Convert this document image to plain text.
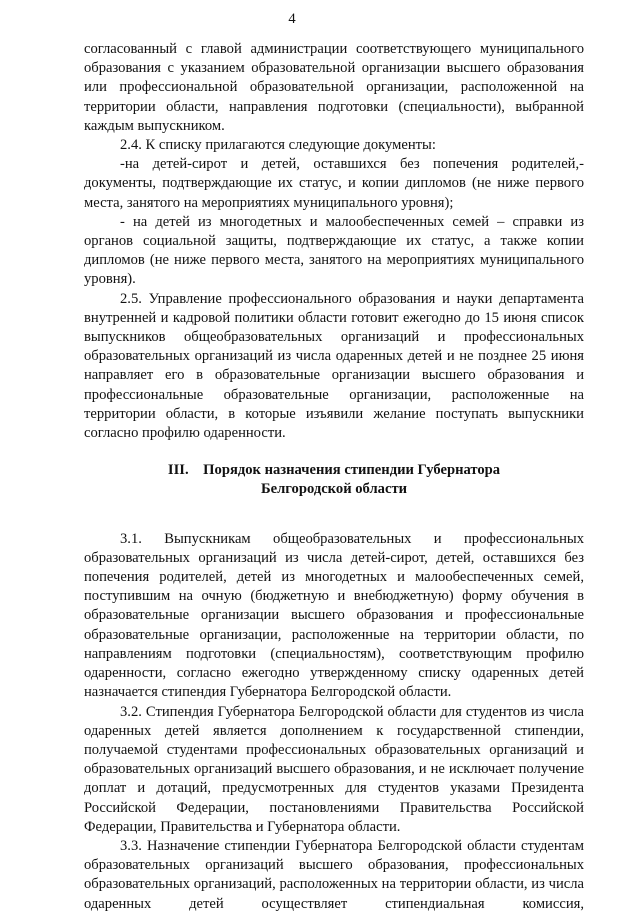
4

согласованный с главой администрации соответствующего муниципального образования с указанием образовательной организации высшего образования или профессиональной образовательной организации, расположенной на территории области, направления подготовки (специальности), выбранной каждым выпускником.

2.4. К списку прилагаются следующие документы:

-на детей-сирот и детей, оставшихся без попечения родителей,- документы, подтверждающие их статус, и копии дипломов (не ниже первого места, занятого на мероприятиях муниципального уровня);

- на детей из многодетных и малообеспеченных семей – справки из органов социальной защиты, подтверждающие их статус, а также копии дипломов (не ниже первого места, занятого на мероприятиях муниципального уровня).

2.5. Управление профессионального образования и науки департамента внутренней и кадровой политики области готовит ежегодно до 15 июня список выпускников общеобразовательных организаций и профессиональных образовательных организаций из числа одаренных детей и не позднее 25 июня направляет его в образовательные организации высшего образования и профессиональные образовательные организации, расположенные на территории области, в которые изъявили желание поступать выпускники согласно профилю одаренности.

III.    Порядок назначения стипендии Губернатора
Белгородской области

3.1. Выпускникам общеобразовательных и профессиональных образовательных организаций из числа детей-сирот, детей, оставшихся без попечения родителей, детей из многодетных и малообеспеченных семей, поступившим на очную (бюджетную и внебюджетную) форму обучения в образовательные организации высшего образования и профессиональные образовательные организации, расположенные на территории области, по направлениям подготовки (специальностям), соответствующим профилю одаренности, согласно ежегодно утвержденному списку одаренных детей назначается стипендия Губернатора Белгородской области.

3.2. Стипендия Губернатора Белгородской области для студентов из числа одаренных детей является дополнением к государственной стипендии, получаемой студентами профессиональных образовательных организаций и образовательных организаций высшего образования, и не исключает получение доплат и дотаций, предусмотренных для студентов указами Президента Российской Федерации, постановлениями Правительства Российской Федерации, Правительства и Губернатора области.

3.3. Назначение стипендии Губернатора Белгородской области студентам образовательных организаций высшего образования, профессиональных образовательных организаций, расположенных на территории области, из числа одаренных детей осуществляет стипендиальная комиссия,
